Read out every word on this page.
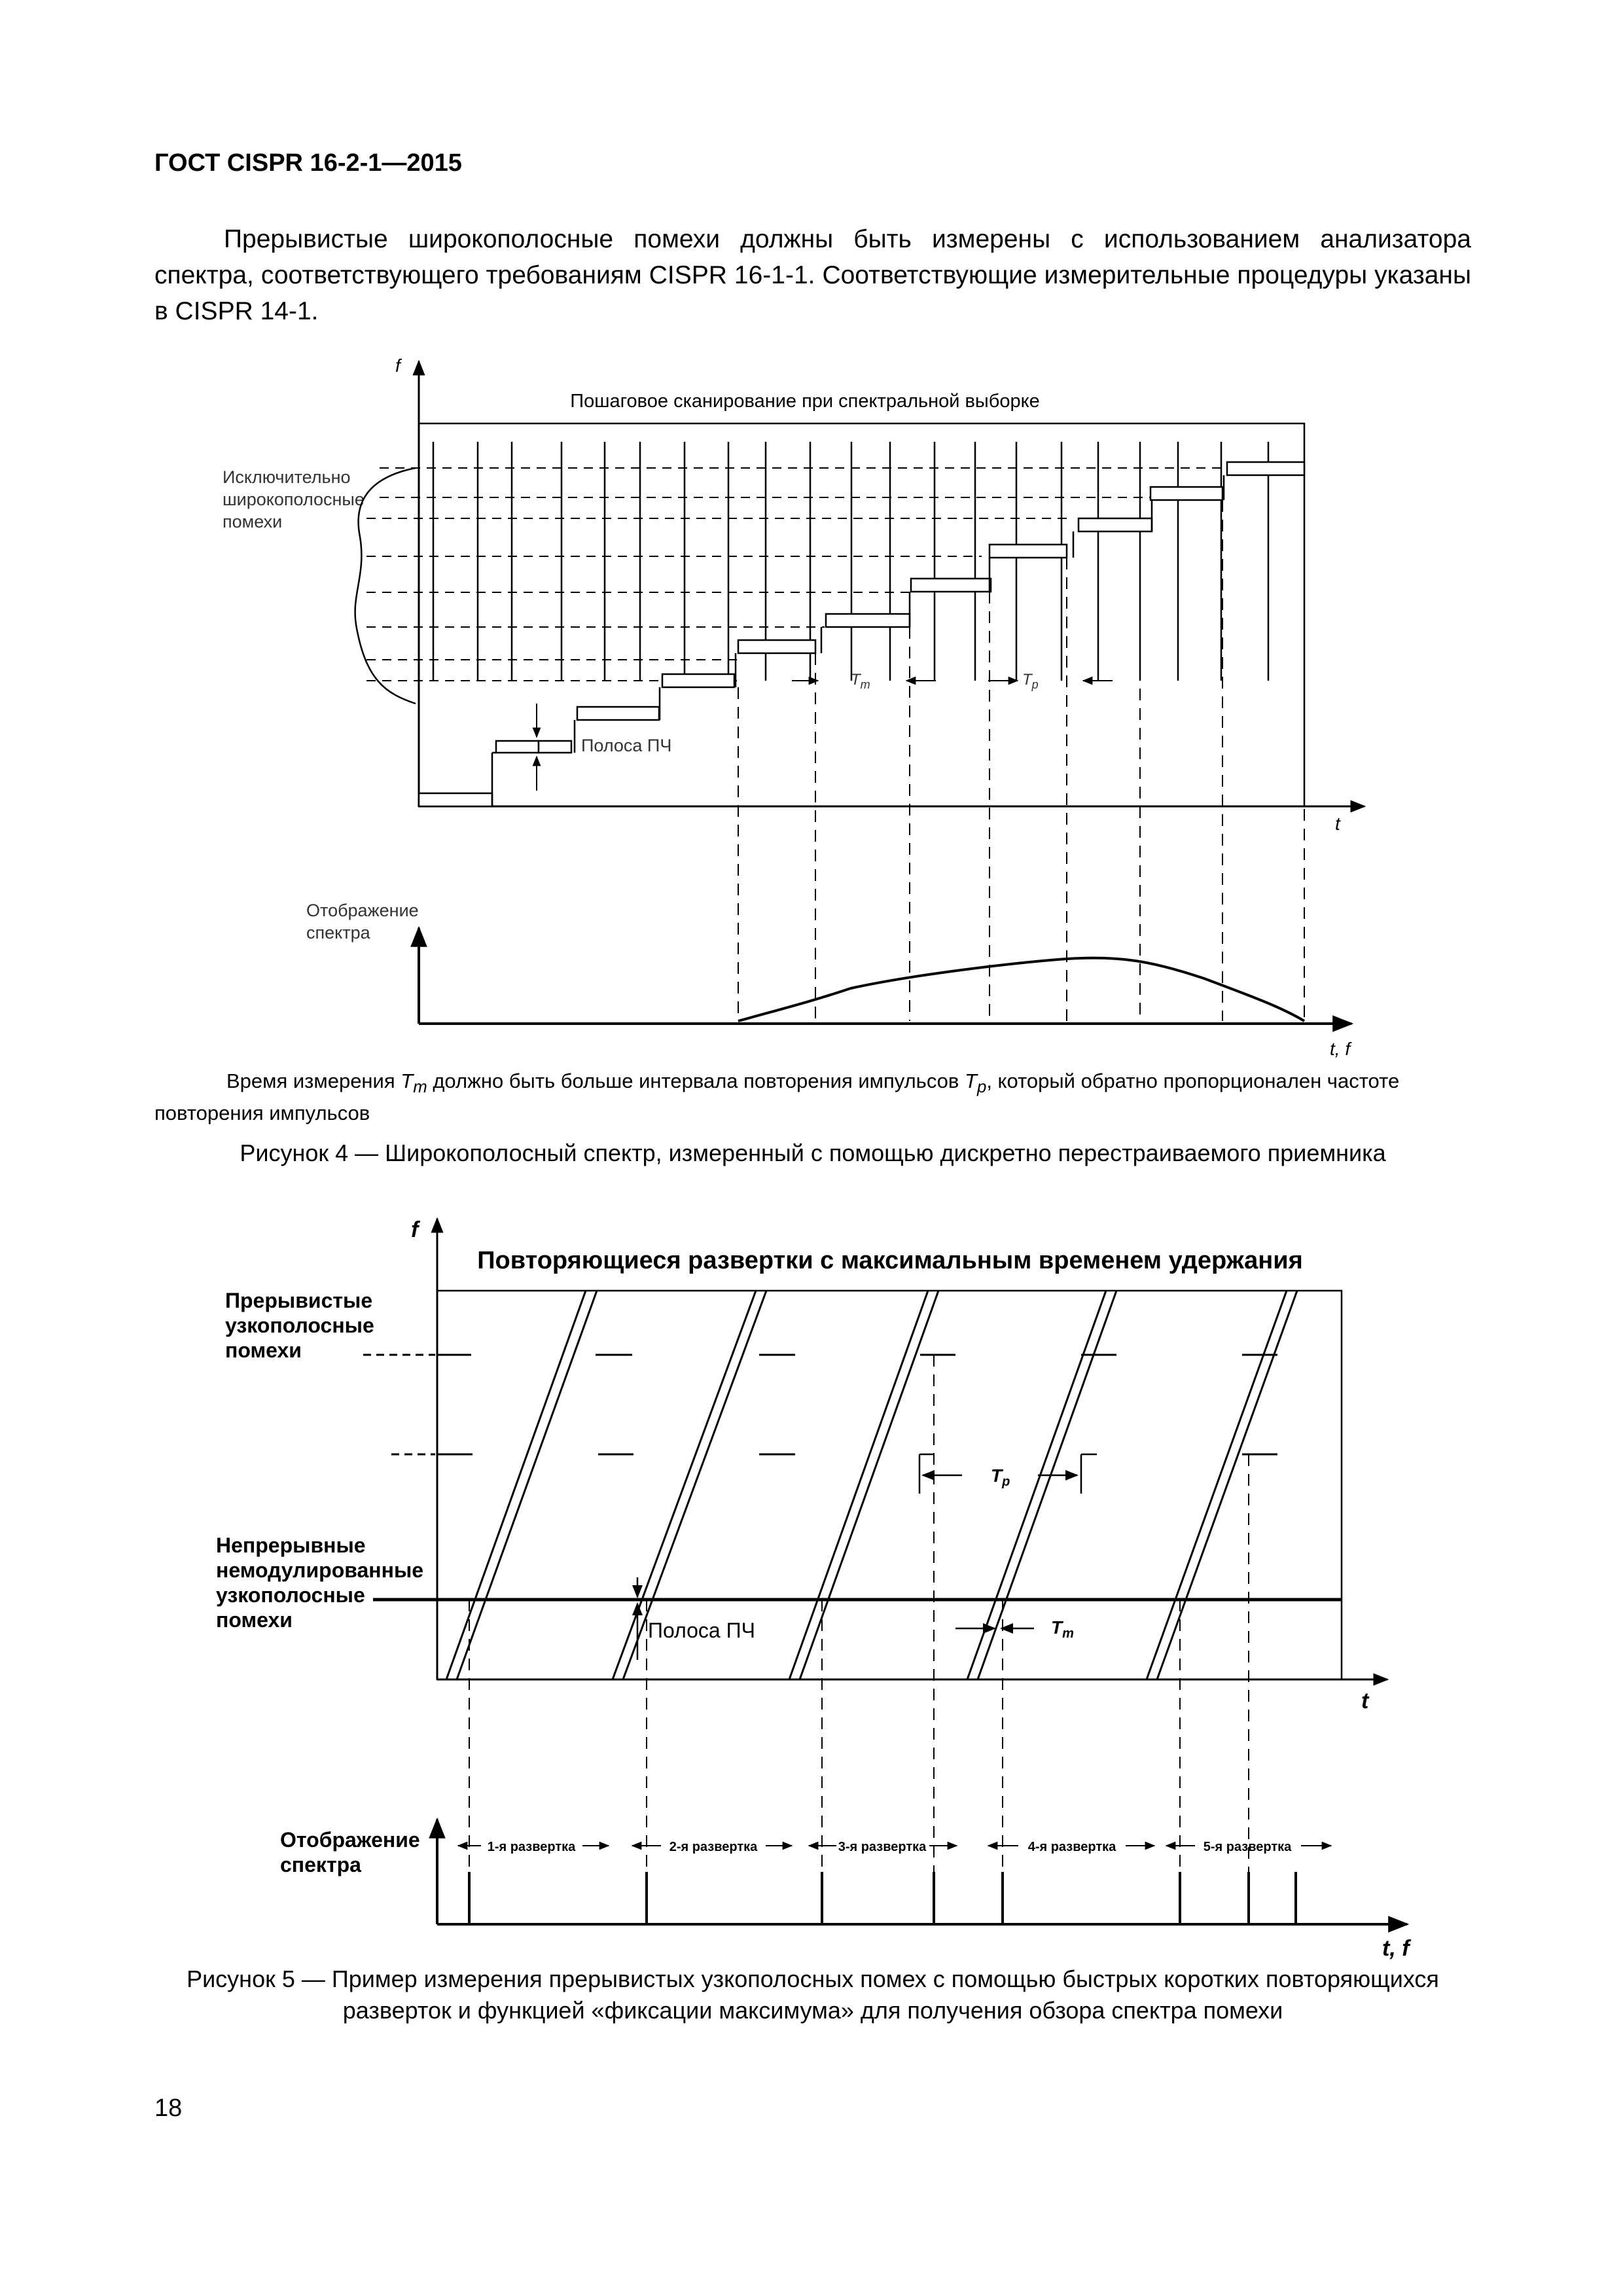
ГОСТ CISPR 16-2-1—2015

Прерывистые широкополосные помехи должны быть измерены с использованием анализатора спектра, соответствующего требованиям CISPR 16-1-1. Соответствующие измерительные процедуры указаны в CISPR 14-1.

f
t
Пошаговое сканирование при спектральной выборке
Исключительно широкополосные помехи
Полоса ПЧ
$T_m$	$T_p$
Отображение спектра
t, f

Время измерения $T_m$ должно быть больше интервала повторения импульсов $T_p$, который обратно пропорционален частоте повторения импульсов

Рисунок 4 — Широкополосный спектр, измеренный с помощью дискретно перестраиваемого приемника

f
t
Повторяющиеся развертки с максимальным временем удержания
Прерывистые узкополосные помехи
Непрерывные немодулированные узкополосные помехи
$T_p$
Полоса ПЧ	$T_m$
1-я развертка	2-я развертка	3-я развертка	4-я развертка	5-я развертка
Отображение спектра
t, f

Рисунок 5 — Пример измерения прерывистых узкополосных помех с помощью быстрых коротких повторяющихся
разверток и функцией «фиксации максимума» для получения обзора спектра помехи

18
